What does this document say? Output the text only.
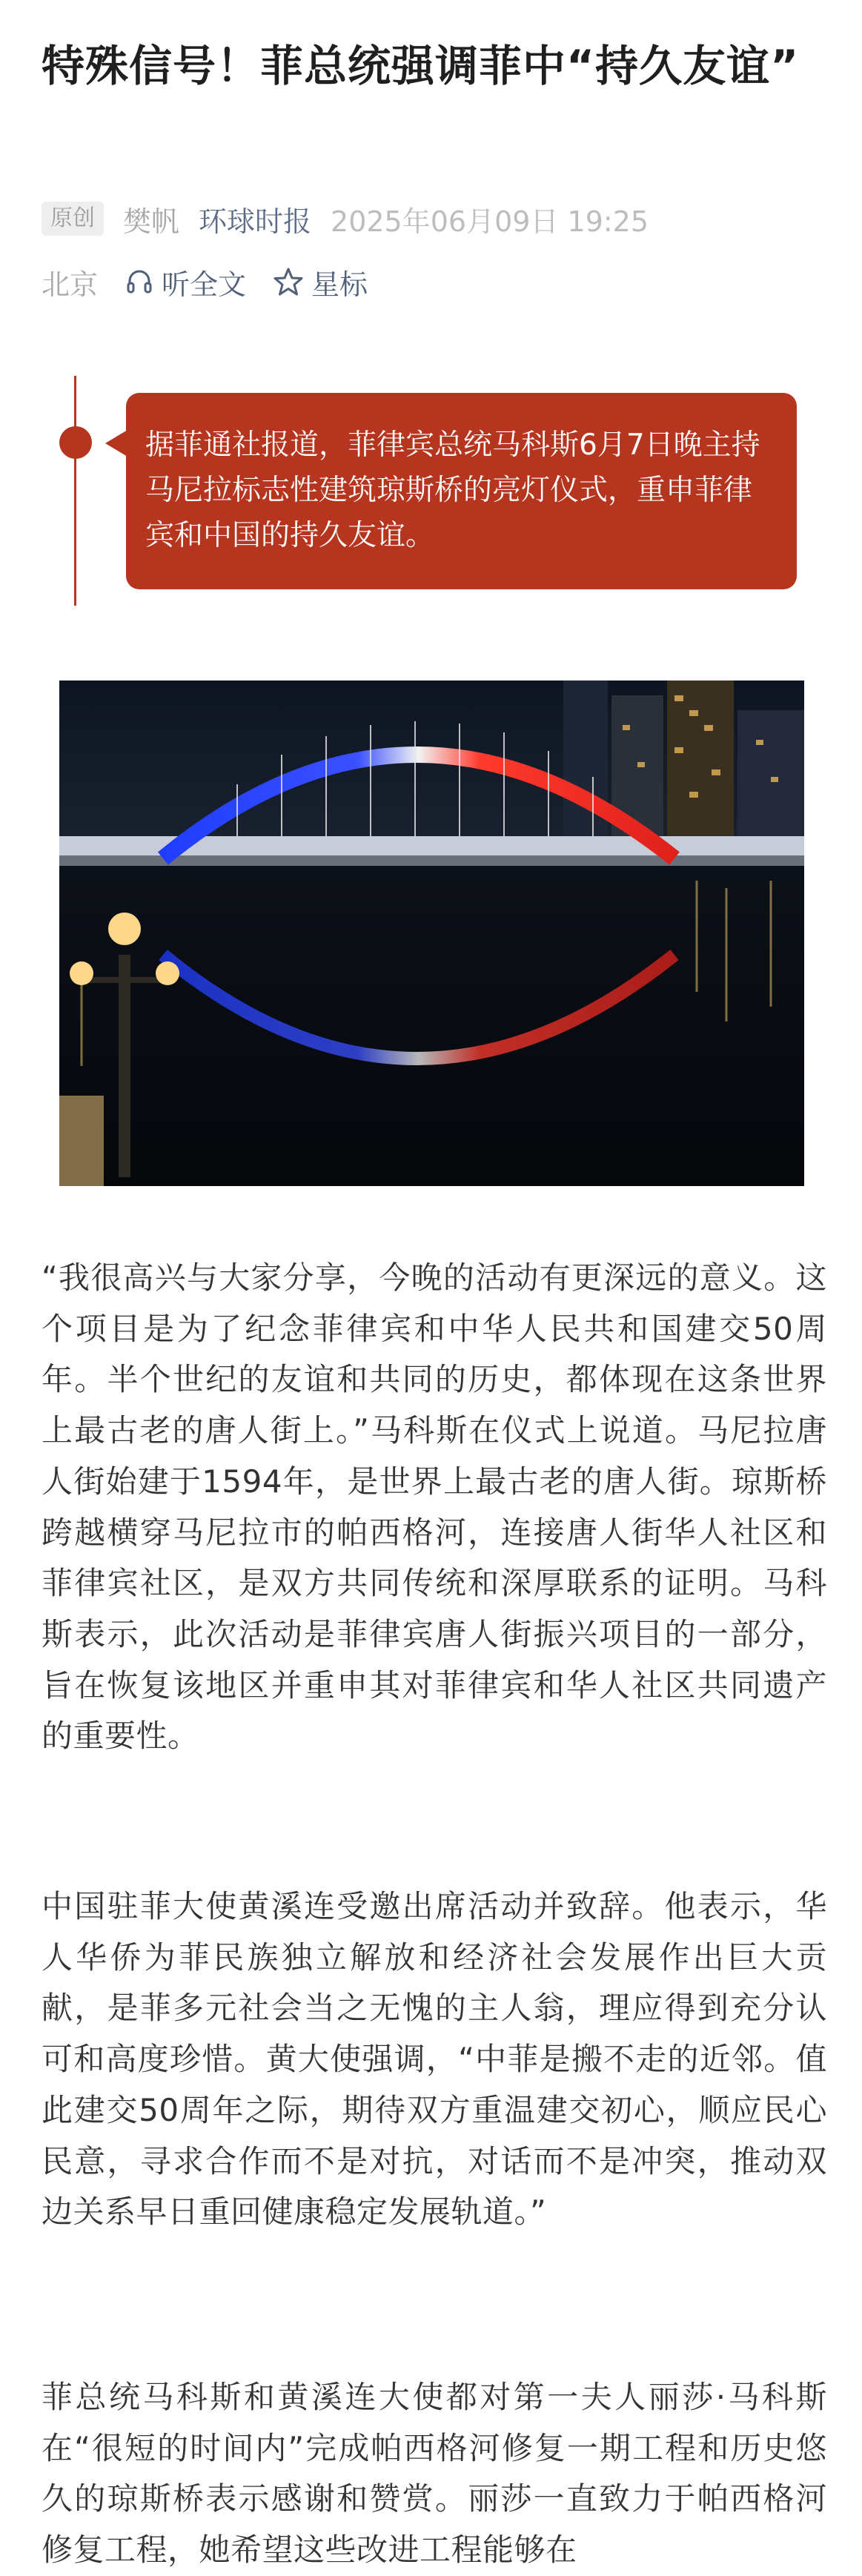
特殊信号！菲总统强调菲中“持久友谊”
原创	樊帆 环球时报 2025年06月09日 19:25
北京 听全文 星标
据菲通社报道，菲律宾总统马科斯6月7日晚主持马尼拉标志性建筑琼斯桥的亮灯仪式，重申菲律宾和中国的持久友谊。

“我很高兴与大家分享，今晚的活动有更深远的意义。这个项目是为了纪念菲律宾和中华人民共和国建交50周年。半个世纪的友谊和共同的历史，都体现在这条世界上最古老的唐人街上。”马科斯在仪式上说道。马尼拉唐人街始建于1594年，是世界上最古老的唐人街。琼斯桥跨越横穿马尼拉市的帕西格河，连接唐人街华人社区和菲律宾社区，是双方共同传统和深厚联系的证明。马科斯表示，此次活动是菲律宾唐人街振兴项目的一部分，旨在恢复该地区并重申其对菲律宾和华人社区共同遗产的重要性。

中国驻菲大使黄溪连受邀出席活动并致辞。他表示，华人华侨为菲民族独立解放和经济社会发展作出巨大贡献，是菲多元社会当之无愧的主人翁，理应得到充分认可和高度珍惜。黄大使强调，“中菲是搬不走的近邻。值此建交50周年之际，期待双方重温建交初心，顺应民心民意，寻求合作而不是对抗，对话而不是冲突，推动双边关系早日重回健康稳定发展轨道。”

菲总统马科斯和黄溪连大使都对第一夫人丽莎·马科斯在“很短的时间内”完成帕西格河修复一期工程和历史悠久的琼斯桥表示感谢和赞赏。丽莎一直致力于帕西格河修复工程，她希望这些改进工程能够在
